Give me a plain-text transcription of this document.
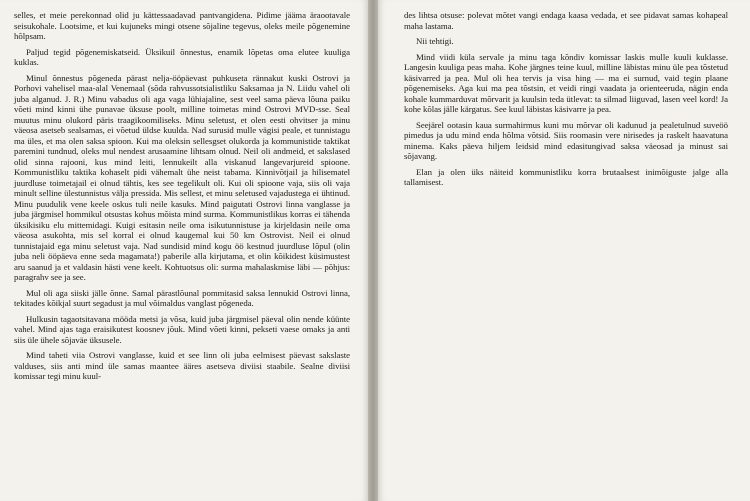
selles, et meie perekonnad olid ju kättessaadavad pantvangidena. Pidime jääma äraootavale seisukohale. Lootsime, et kui kujuneks mingi otsene sõjaline tegevus, oleks meile põgenemine hõlpsam.

Paljud tegid põgenemiskatseid. Üksikuil õnnestus, enamik lõpetas oma elutee kuuliga kuklas.

Minul õnnestus põgeneda pärast nelja-ööpäevast puhkuseta rännakut kuski Ostrovi ja Porhovi vahelisel maa-alal Venemaal (sõda rahvussotsialistliku Saksamaa ja N. Liidu vahel oli juba alganud. J. R.) Minu vabadus oli aga vaga lühiajaline, sest veel sama päeva lõuna paiku võeti mind kinni ühe punavae üksuse poolt, milline toimetas mind Ostrovi MVD-sse. Seal muutus minu olukord päris traagikoomiliseks. Minu seletust, et olen eesti ohvitser ja minu väeosa asetseb sealsamas, ei võetud üldse kuulda. Nad surusid mulle vägisi peale, et tunnistagu ma üles, et ma olen saksa spioon. Kui ma oleksin sellesgset olukorda ja kommunistide taktikat paremini tundnud, oleks mul nendest arusaamine lihtsam olnud. Neil oli andmeid, et sakslased olid sinna rajooni, kus mind leiti, lennukeilt alla viskanud langevarjureid spioone. Kommunistliku taktika kohaselt pidi vähemalt ühe neist tabama. Kinnivõtjail ja hilisematel juurdluse toimetajail ei olnud tähtis, kes see tegelikult oli. Kui oli spioone vaja, siis oli vaja minult selline ülestunnistus välja pressida. Mis sellest, et minu seletused vajadustega ei ühtinud. Minu puudulik vene keele oskus tuli neile kasuks. Mind paigutati Ostrovi linna vanglasse ja juba järgmisel hommikul otsustas kohus mõista mind surma. Kommunistlikus korras ei tähenda üksikisiku elu mittemidagi. Kuigi esitasin neile oma isikutunnistuse ja kirjeldasin neile oma väeosa asukohta, mis sel korral ei olnud kaugemal kui 50 km Ostrovist. Neil ei olnud tunnistajaid ega minu seletust vaja. Nad sundisid mind kogu öö kestnud juurdluse lõpul (olin juba neli ööpäeva enne seda magamata!) paberile alla kirjutama, et olin kõikidest küsimustest aru saanud ja et valdasin hästi vene keelt. Kohtuotsus oli: surma mahalaskmise läbi — põhjus: paragrahv see ja see.

Mul oli aga siiski jälle õnne. Samal pärastlõunal pommitasid saksa lennukid Ostrovi linna, tekitades kõikjal suurt segadust ja mul võimaldus vanglast põgeneda.

Hulkusin tagaotsitavana mööda metsi ja võsa, kuid juba järgmisel päeval olin nende küünte vahel. Mind ajas taga eraisikutest koosnev jõuk. Mind võeti kinni, pekseti vaese omaks ja anti siis üle ühele sõjaväe üksusele.

Mind taheti viia Ostrovi vanglasse, kuid et see linn oli juba eelmisest päevast sakslaste valduses, siis anti mind üle samas maantee ääres asetseva diviisi staabile. Sealne diviisi komissar tegi minu kuul-

des lihtsa otsuse: polevat mõtet vangi endaga kaasa vedada, et see pidavat samas kohapeal maha lastama.

Nii tehtigi.

Mind viidi küla servale ja minu taga kõndiv komissar laskis mulle kuuli kuklasse. Langesin kuuliga peas maha. Kohe järgnes teine kuul, milline läbistas minu üle pea tõstetud käsivarred ja pea. Mul oli hea tervis ja visa hing — ma ei surnud, vaid tegin plaane põgenemiseks. Aga kui ma pea tõstsin, et veidi ringi vaadata ja orienteeruda, nägin enda kohale kummarduvat mõrvarit ja kuulsin teda ütlevat: ta silmad liiguvad, lasen veel kord! Ja kohe kõlas jälle kärgatus. See kuul läbistas käsivarre ja pea.

Seejärel ootasin kaua surmahirmus kuni mu mõrvar oli kadunud ja pealetulnud suveöö pimedus ja udu mind enda hõlma võtsid. Siis roomasin vere nirisedes ja raskelt haavatuna minema. Kaks päeva hiljem leidsid mind edasitungivad saksa väeosad ja minust sai sõjavang.

Elan ja olen üks näiteid kommunistliku korra brutaalsest inimõiguste jalge alla tallamisest.
